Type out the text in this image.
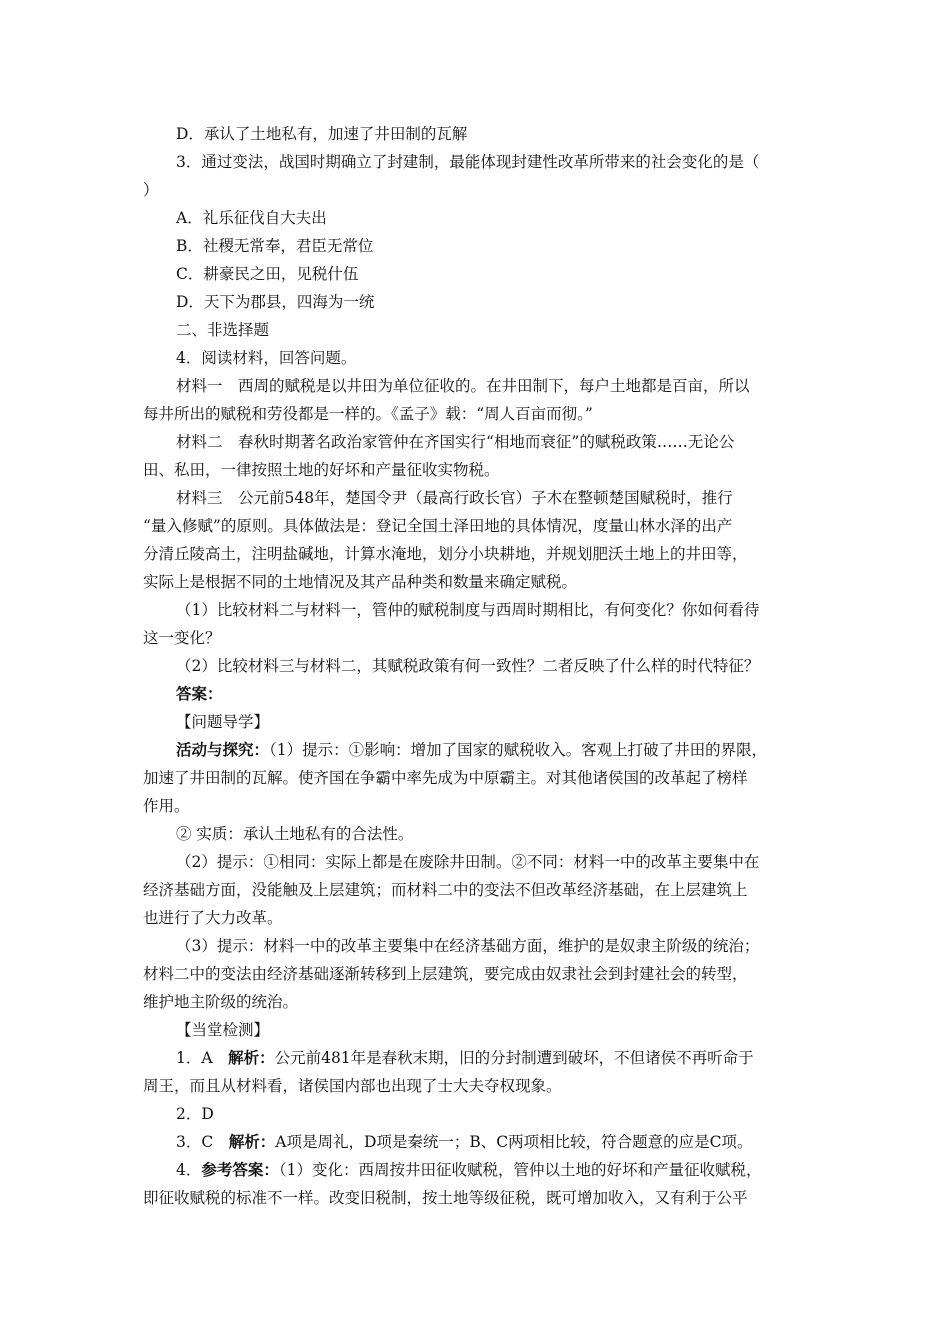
D．承认了土地私有，加速了井田制的瓦解
3．通过变法，战国时期确立了封建制，最能体现封建性改革所带来的社会变化的是（
）
A．礼乐征伐自大夫出
B．社稷无常奉，君臣无常位
C．耕豪民之田，见税什伍
D．天下为郡县，四海为一统
二、非选择题
4．阅读材料，回答问题。
材料一　西周的赋税是以井田为单位征收的。在井田制下，每户土地都是百亩，所以
每井所出的赋税和劳役都是一样的。《孟子》载：“周人百亩而彻。”
材料二　春秋时期著名政治家管仲在齐国实行“相地而衰征”的赋税政策……无论公
田、私田，一律按照土地的好坏和产量征收实物税。
材料三　公元前548年，楚国令尹（最高行政长官）子木在整顿楚国赋税时，推行
“量入修赋”的原则。具体做法是：登记全国土泽田地的具体情况，度量山林水泽的出产
分清丘陵高土，注明盐碱地，计算水淹地，划分小块耕地，并规划肥沃土地上的井田等，
实际上是根据不同的土地情况及其产品种类和数量来确定赋税。
（1）比较材料二与材料一，管仲的赋税制度与西周时期相比，有何变化？你如何看待
这一变化？
（2）比较材料三与材料二，其赋税政策有何一致性？二者反映了什么样的时代特征？
答案：
【问题导学】
活动与探究：（1）提示：①影响：增加了国家的赋税收入。客观上打破了井田的界限，
加速了井田制的瓦解。使齐国在争霸中率先成为中原霸主。对其他诸侯国的改革起了榜样
作用。
② 实质：承认土地私有的合法性。
（2）提示：①相同：实际上都是在废除井田制。②不同：材料一中的改革主要集中在
经济基础方面，没能触及上层建筑；而材料二中的变法不但改革经济基础，在上层建筑上
也进行了大力改革。
（3）提示：材料一中的改革主要集中在经济基础方面，维护的是奴隶主阶级的统治；
材料二中的变法由经济基础逐渐转移到上层建筑，要完成由奴隶社会到封建社会的转型，
维护地主阶级的统治。
【当堂检测】
1．A　解析：公元前481年是春秋末期，旧的分封制遭到破坏，不但诸侯不再听命于
周王，而且从材料看，诸侯国内部也出现了士大夫夺权现象。
2．D
3．C　解析：A项是周礼，D项是秦统一；B、C两项相比较，符合题意的应是C项。
4．参考答案：（1）变化：西周按井田征收赋税，管仲以土地的好坏和产量征收赋税，
即征收赋税的标准不一样。改变旧税制，按土地等级征税，既可增加收入，又有利于公平
